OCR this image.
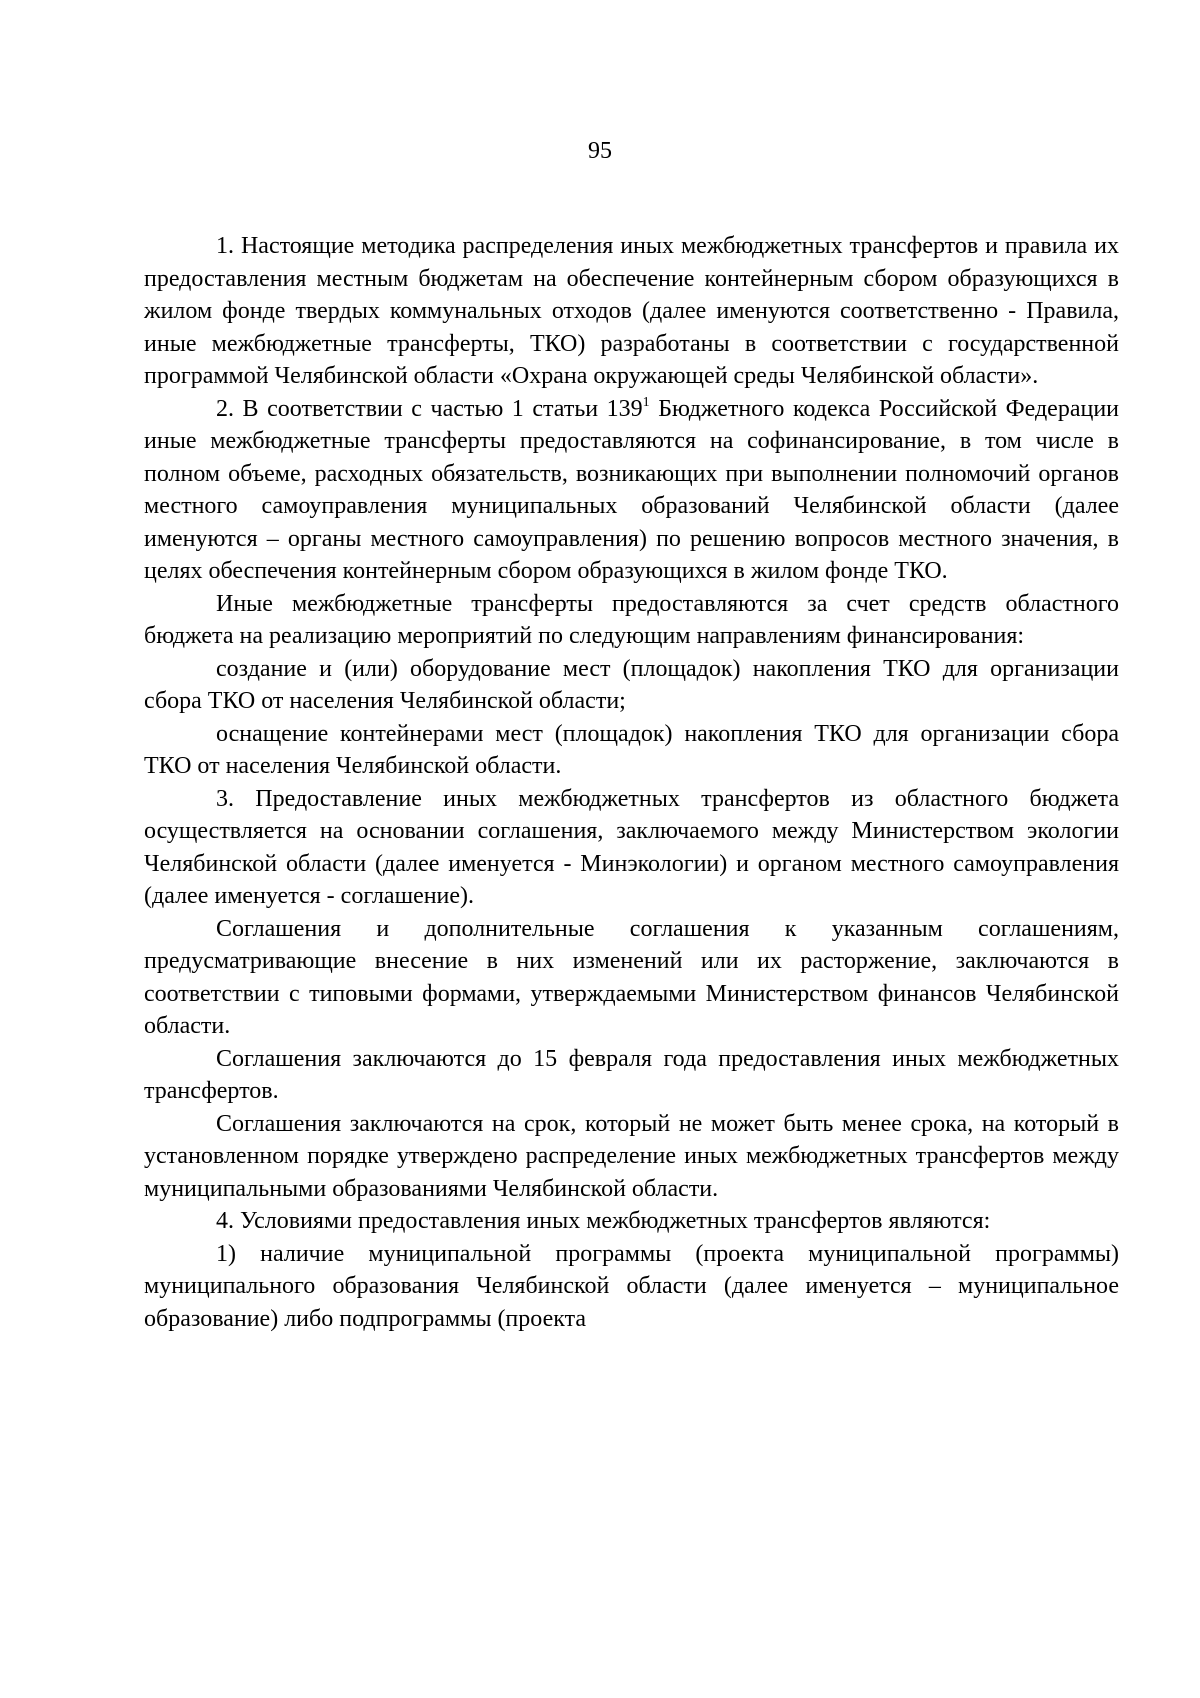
95

1. Настоящие методика распределения иных межбюджетных трансфертов и правила их предоставления местным бюджетам на обеспечение контейнерным сбором образующихся в жилом фонде твердых коммунальных отходов (далее именуются соответственно - Правила, иные межбюджетные трансферты, ТКО) разработаны в соответствии с государственной программой Челябинской области «Охрана окружающей среды Челябинской области».

2. В соответствии с частью 1 статьи $139^1$ Бюджетного кодекса Российской Федерации иные межбюджетные трансферты предоставляются на софинансирование, в том числе в полном объеме, расходных обязательств, возникающих при выполнении полномочий органов местного самоуправления муниципальных образований Челябинской области (далее именуются – органы местного самоуправления) по решению вопросов местного значения, в целях обеспечения контейнерным сбором образующихся в жилом фонде ТКО.

Иные межбюджетные трансферты предоставляются за счет средств областного бюджета на реализацию мероприятий по следующим направлениям финансирования:

создание и (или) оборудование мест (площадок) накопления ТКО для организации сбора ТКО от населения Челябинской области;

оснащение контейнерами мест (площадок) накопления ТКО для организации сбора ТКО от населения Челябинской области.

3. Предоставление иных межбюджетных трансфертов из областного бюджета осуществляется на основании соглашения, заключаемого между Министерством экологии Челябинской области (далее именуется - Минэкологии) и органом местного самоуправления (далее именуется - соглашение).

Соглашения и дополнительные соглашения к указанным соглашениям, предусматривающие внесение в них изменений или их расторжение, заключаются в соответствии с типовыми формами, утверждаемыми Министерством финансов Челябинской области.

Соглашения заключаются до 15 февраля года предоставления иных межбюджетных трансфертов.

Соглашения заключаются на срок, который не может быть менее срока, на который в установленном порядке утверждено распределение иных межбюджетных трансфертов между муниципальными образованиями Челябинской области.

4. Условиями предоставления иных межбюджетных трансфертов являются:

1) наличие муниципальной программы (проекта муниципальной программы) муниципального образования Челябинской области (далее именуется – муниципальное образование) либо подпрограммы (проекта
